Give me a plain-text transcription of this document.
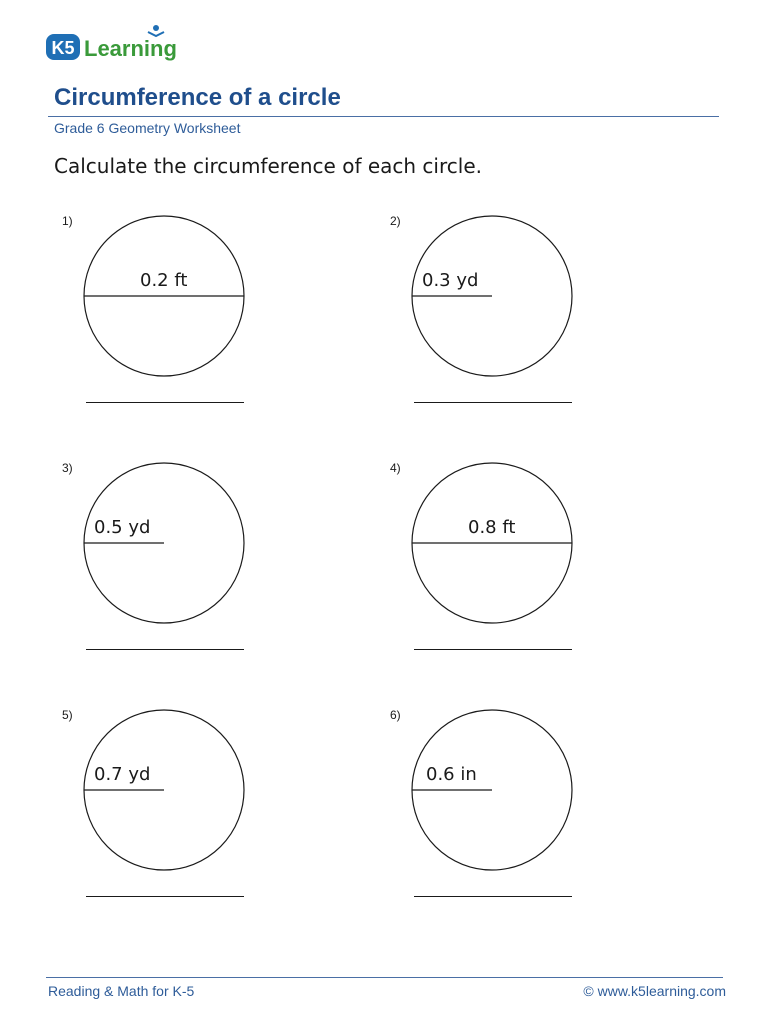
K5 Learning
Circumference of a circle
Grade 6 Geometry Worksheet
Calculate the circumference of each circle.
1)
0.2 ft
2)
0.3 yd
3)
0.5 yd
4)
0.8 ft
5)
0.7 yd
6)
0.6 in
Reading & Math for K-5	© www.k5learning.com
